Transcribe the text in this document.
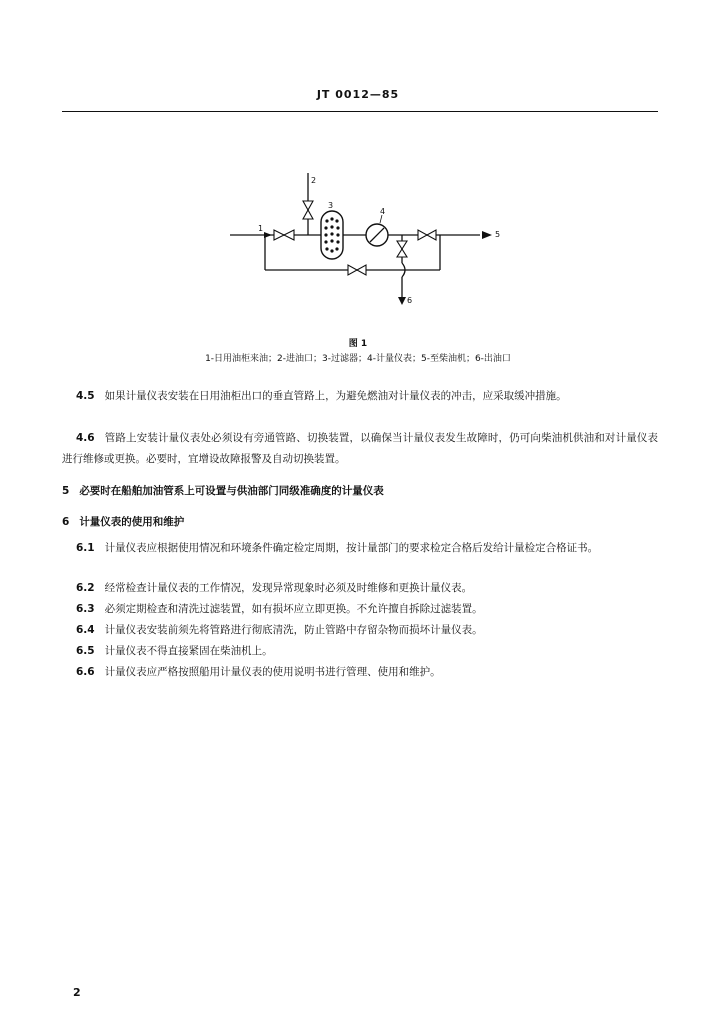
JT 0012—85
1
2
3
4
5
6
图 1
1-日用油柜来油；2-进油口；3-过滤器；4-计量仪表；5-至柴油机；6-出油口
4.5 如果计量仪表安装在日用油柜出口的垂直管路上，为避免燃油对计量仪表的冲击，应采取缓冲措施。
4.6 管路上安装计量仪表处必须设有旁通管路、切换装置，以确保当计量仪表发生故障时，仍可向柴油机供油和对计量仪表进行维修或更换。必要时，宜增设故障报警及自动切换装置。
5 必要时在船舶加油管系上可设置与供油部门同级准确度的计量仪表
6 计量仪表的使用和维护
6.1 计量仪表应根据使用情况和环境条件确定检定周期，按计量部门的要求检定合格后发给计量检定合格证书。
6.2 经常检查计量仪表的工作情况，发现异常现象时必须及时维修和更换计量仪表。
6.3 必须定期检查和清洗过滤装置，如有损坏应立即更换。不允许擅自拆除过滤装置。
6.4 计量仪表安装前须先将管路进行彻底清洗，防止管路中存留杂物而损坏计量仪表。
6.5 计量仪表不得直接紧固在柴油机上。
6.6 计量仪表应严格按照船用计量仪表的使用说明书进行管理、使用和维护。
2
